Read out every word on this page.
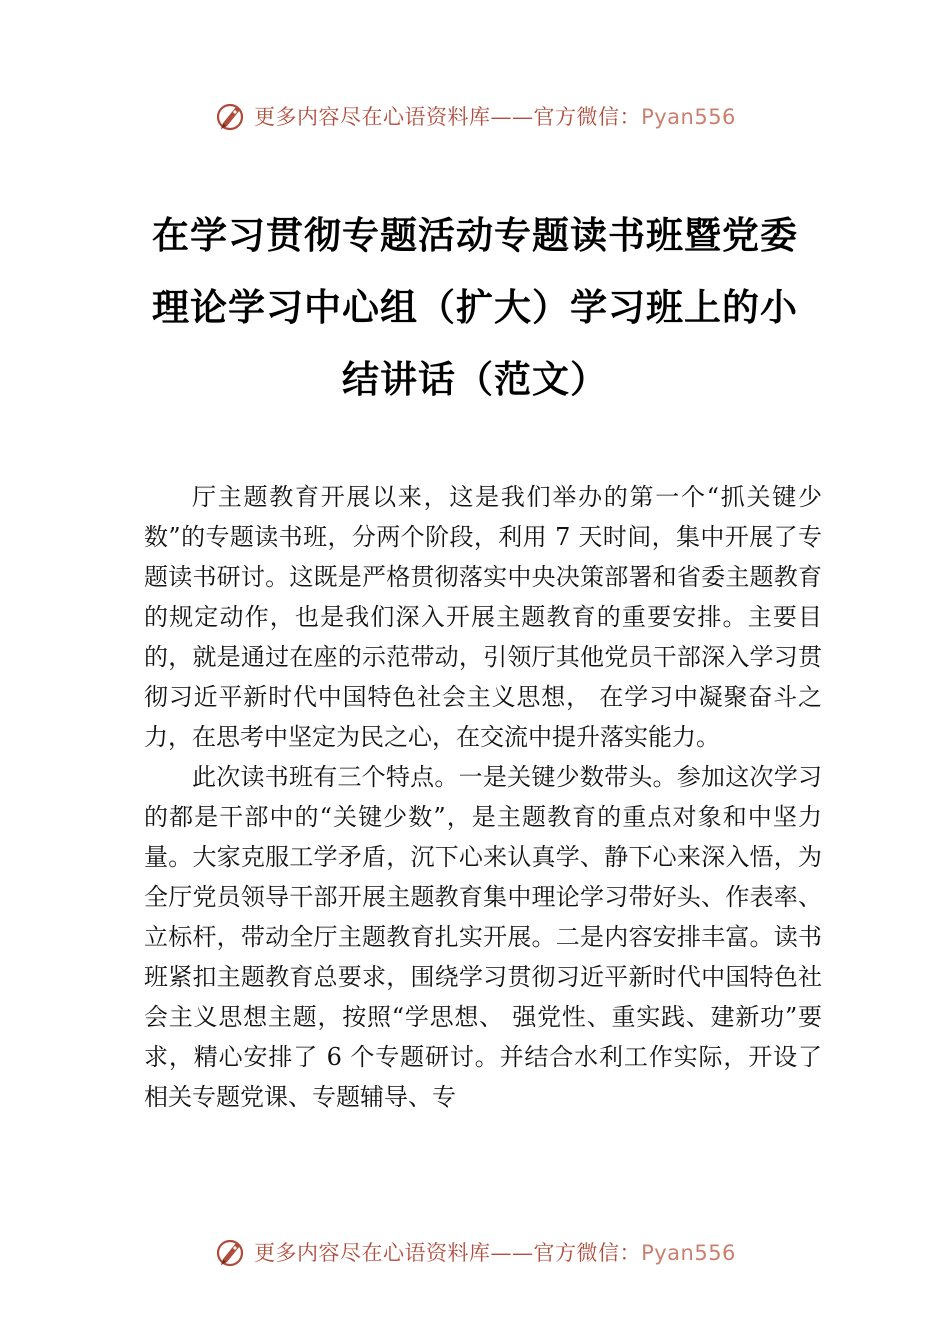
更多内容尽在心语资料库——官方微信：Pyan556
在学习贯彻专题活动专题读书班暨党委理论学习中心组（扩大）学习班上的小结讲话（范文）

厅主题教育开展以来，这是我们举办的第一个“抓关键少数”的专题读书班，分两个阶段，利用 7 天时间，集中开展了专题读书研讨。这既是严格贯彻落实中央决策部署和省委主题教育的规定动作，也是我们深入开展主题教育的重要安排。主要目的，就是通过在座的示范带动，引领厅其他党员干部深入学习贯彻习近平新时代中国特色社会主义思想， 在学习中凝聚奋斗之力，在思考中坚定为民之心，在交流中提升落实能力。

此次读书班有三个特点。一是关键少数带头。参加这次学习的都是干部中的“关键少数”，是主题教育的重点对象和中坚力量。大家克服工学矛盾，沉下心来认真学、静下心来深入悟，为全厅党员领导干部开展主题教育集中理论学习带好头、作表率、立标杆，带动全厅主题教育扎实开展。二是内容安排丰富。读书班紧扣主题教育总要求，围绕学习贯彻习近平新时代中国特色社会主义思想主题，按照“学思想、 强党性、重实践、建新功”要求，精心安排了 6 个专题研讨。并结合水利工作实际，开设了相关专题党课、专题辅导、专

更多内容尽在心语资料库——官方微信：Pyan556
